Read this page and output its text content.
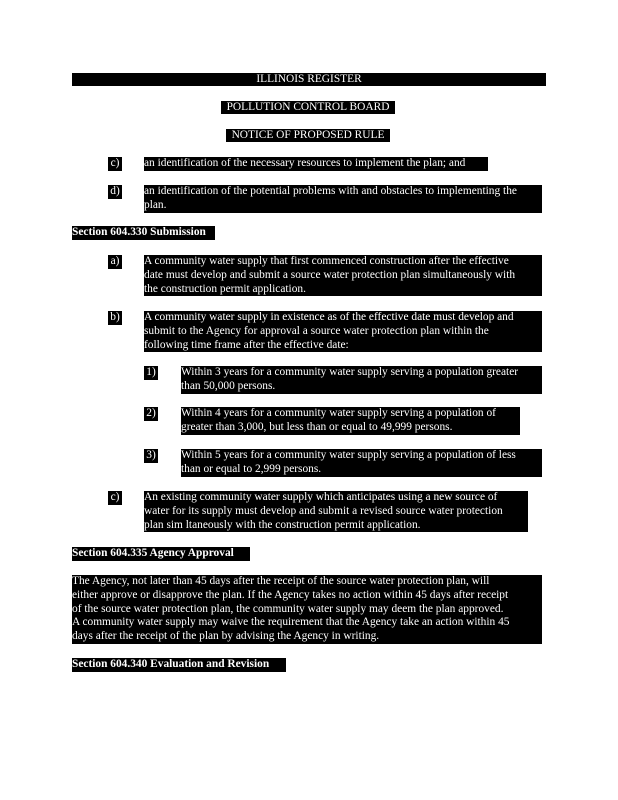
ILLINOIS REGISTER
POLLUTION CONTROL BOARD
NOTICE OF PROPOSED RULE
c) an identification of the necessary resources to implement the plan; and
d) an identification of the potential problems with and obstacles to implementing the
plan.
Section 604.330 Submission
a) A community water supply that first commenced construction after the effective
date must develop and submit a source water protection plan simultaneously with
the construction permit application.
b) A community water supply in existence as of the effective date must develop and
submit to the Agency for approval a source water protection plan within the
following time frame after the effective date:
1) Within 3 years for a community water supply serving a population greater
than 50,000 persons.
2) Within 4 years for a community water supply serving a population of
greater than 3,000, but less than or equal to 49,999 persons.
3) Within 5 years for a community water supply serving a population of less
than or equal to 2,999 persons.
c) An existing community water supply which anticipates using a new source of
water for its supply must develop and submit a revised source water protection
plan sim ltaneously with the construction permit application.
Section 604.335 Agency Approval
The Agency, not later than 45 days after the receipt of the source water protection plan, will
either approve or disapprove the plan. If the Agency takes no action within 45 days after receipt
of the source water protection plan, the community water supply may deem the plan approved.
A community water supply may waive the requirement that the Agency take an action within 45
days after the receipt of the plan by advising the Agency in writing.
Section 604.340 Evaluation and Revision
